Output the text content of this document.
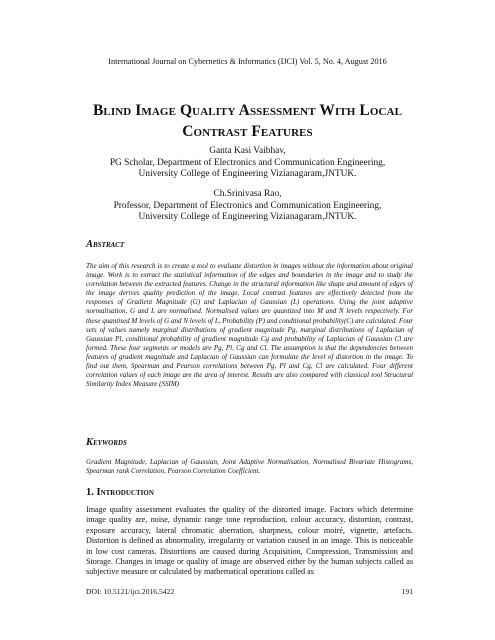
International Journal on Cybernetics & Informatics (IJCI) Vol. 5, No. 4, August 2016
Blind Image Quality Assessment With Local
Contrast Features
Ganta Kasi Vaibhav,
PG Scholar, Department of Electronics and Communication Engineering,
University College of Engineering Vizianagaram,JNTUK.
Ch.Srinivasa Rao,
Professor, Department of Electronics and Communication Engineering,
University College of Engineering Vizianagaram,JNTUK.
Abstract

The aim of this research is to create a tool to evaluate distortion in images without the information about original image. Work is to extract the statistical information of the edges and boundaries in the image and to study the correlation between the extracted features. Change in the structural information like shape and amount of edges of the image derives quality prediction of the image. Local contrast features are effectively detected from the responses of Gradient Magnitude (G) and Laplacian of Gaussian (L) operations. Using the joint adaptive normalisation, G and L are normalised. Normalised values are quantized into M and N levels respectively. For these quantised M levels of G and N levels of L, Probability (P) and conditional probability(C) are calculated. Four sets of values namely marginal distributions of gradient magnitude Pg, marginal distributions of Laplacian of Gaussian Pl, conditional probability of gradient magnitude Cg and probability of Laplacian of Gaussian Cl are formed. These four segments or models are Pg, Pl, Cg and Cl. The assumption is that the dependencies between features of gradient magnitude and Laplacian of Gaussian can formulate the level of distortion in the image. To find out them, Spearman and Pearson correlations between Pg, Pl and Cg, Cl are calculated. Four different correlation values of each image are the area of interest. Results are also compared with classical tool Structural Similarity Index Measure (SSIM)

Keywords

Gradient Magnitude, Laplacian of Gaussian, Joint Adaptive Normalisation, Normalised Bivariate Histograms, Spearman rank Correlation, Pearson Correlation Coefficient.

1. Introduction

Image quality assessment evaluates the quality of the distorted image. Factors which determine image quality are, noise, dynamic range tone reproduction, colour accuracy, distortion, contrast, exposure accuracy, lateral chromatic aberration, sharpness, colour moiré, vignette, artefacts. Distortion is defined as abnormality, irregularity or variation caused in an image. This is noticeable in low cost cameras. Distortions are caused during Acquisition, Compression, Transmission and Storage. Changes in image or quality of image are observed either by the human subjects called as subjective measure or calculated by mathematical operations called as

DOI: 10.5121/ijci.2016.5422	191
